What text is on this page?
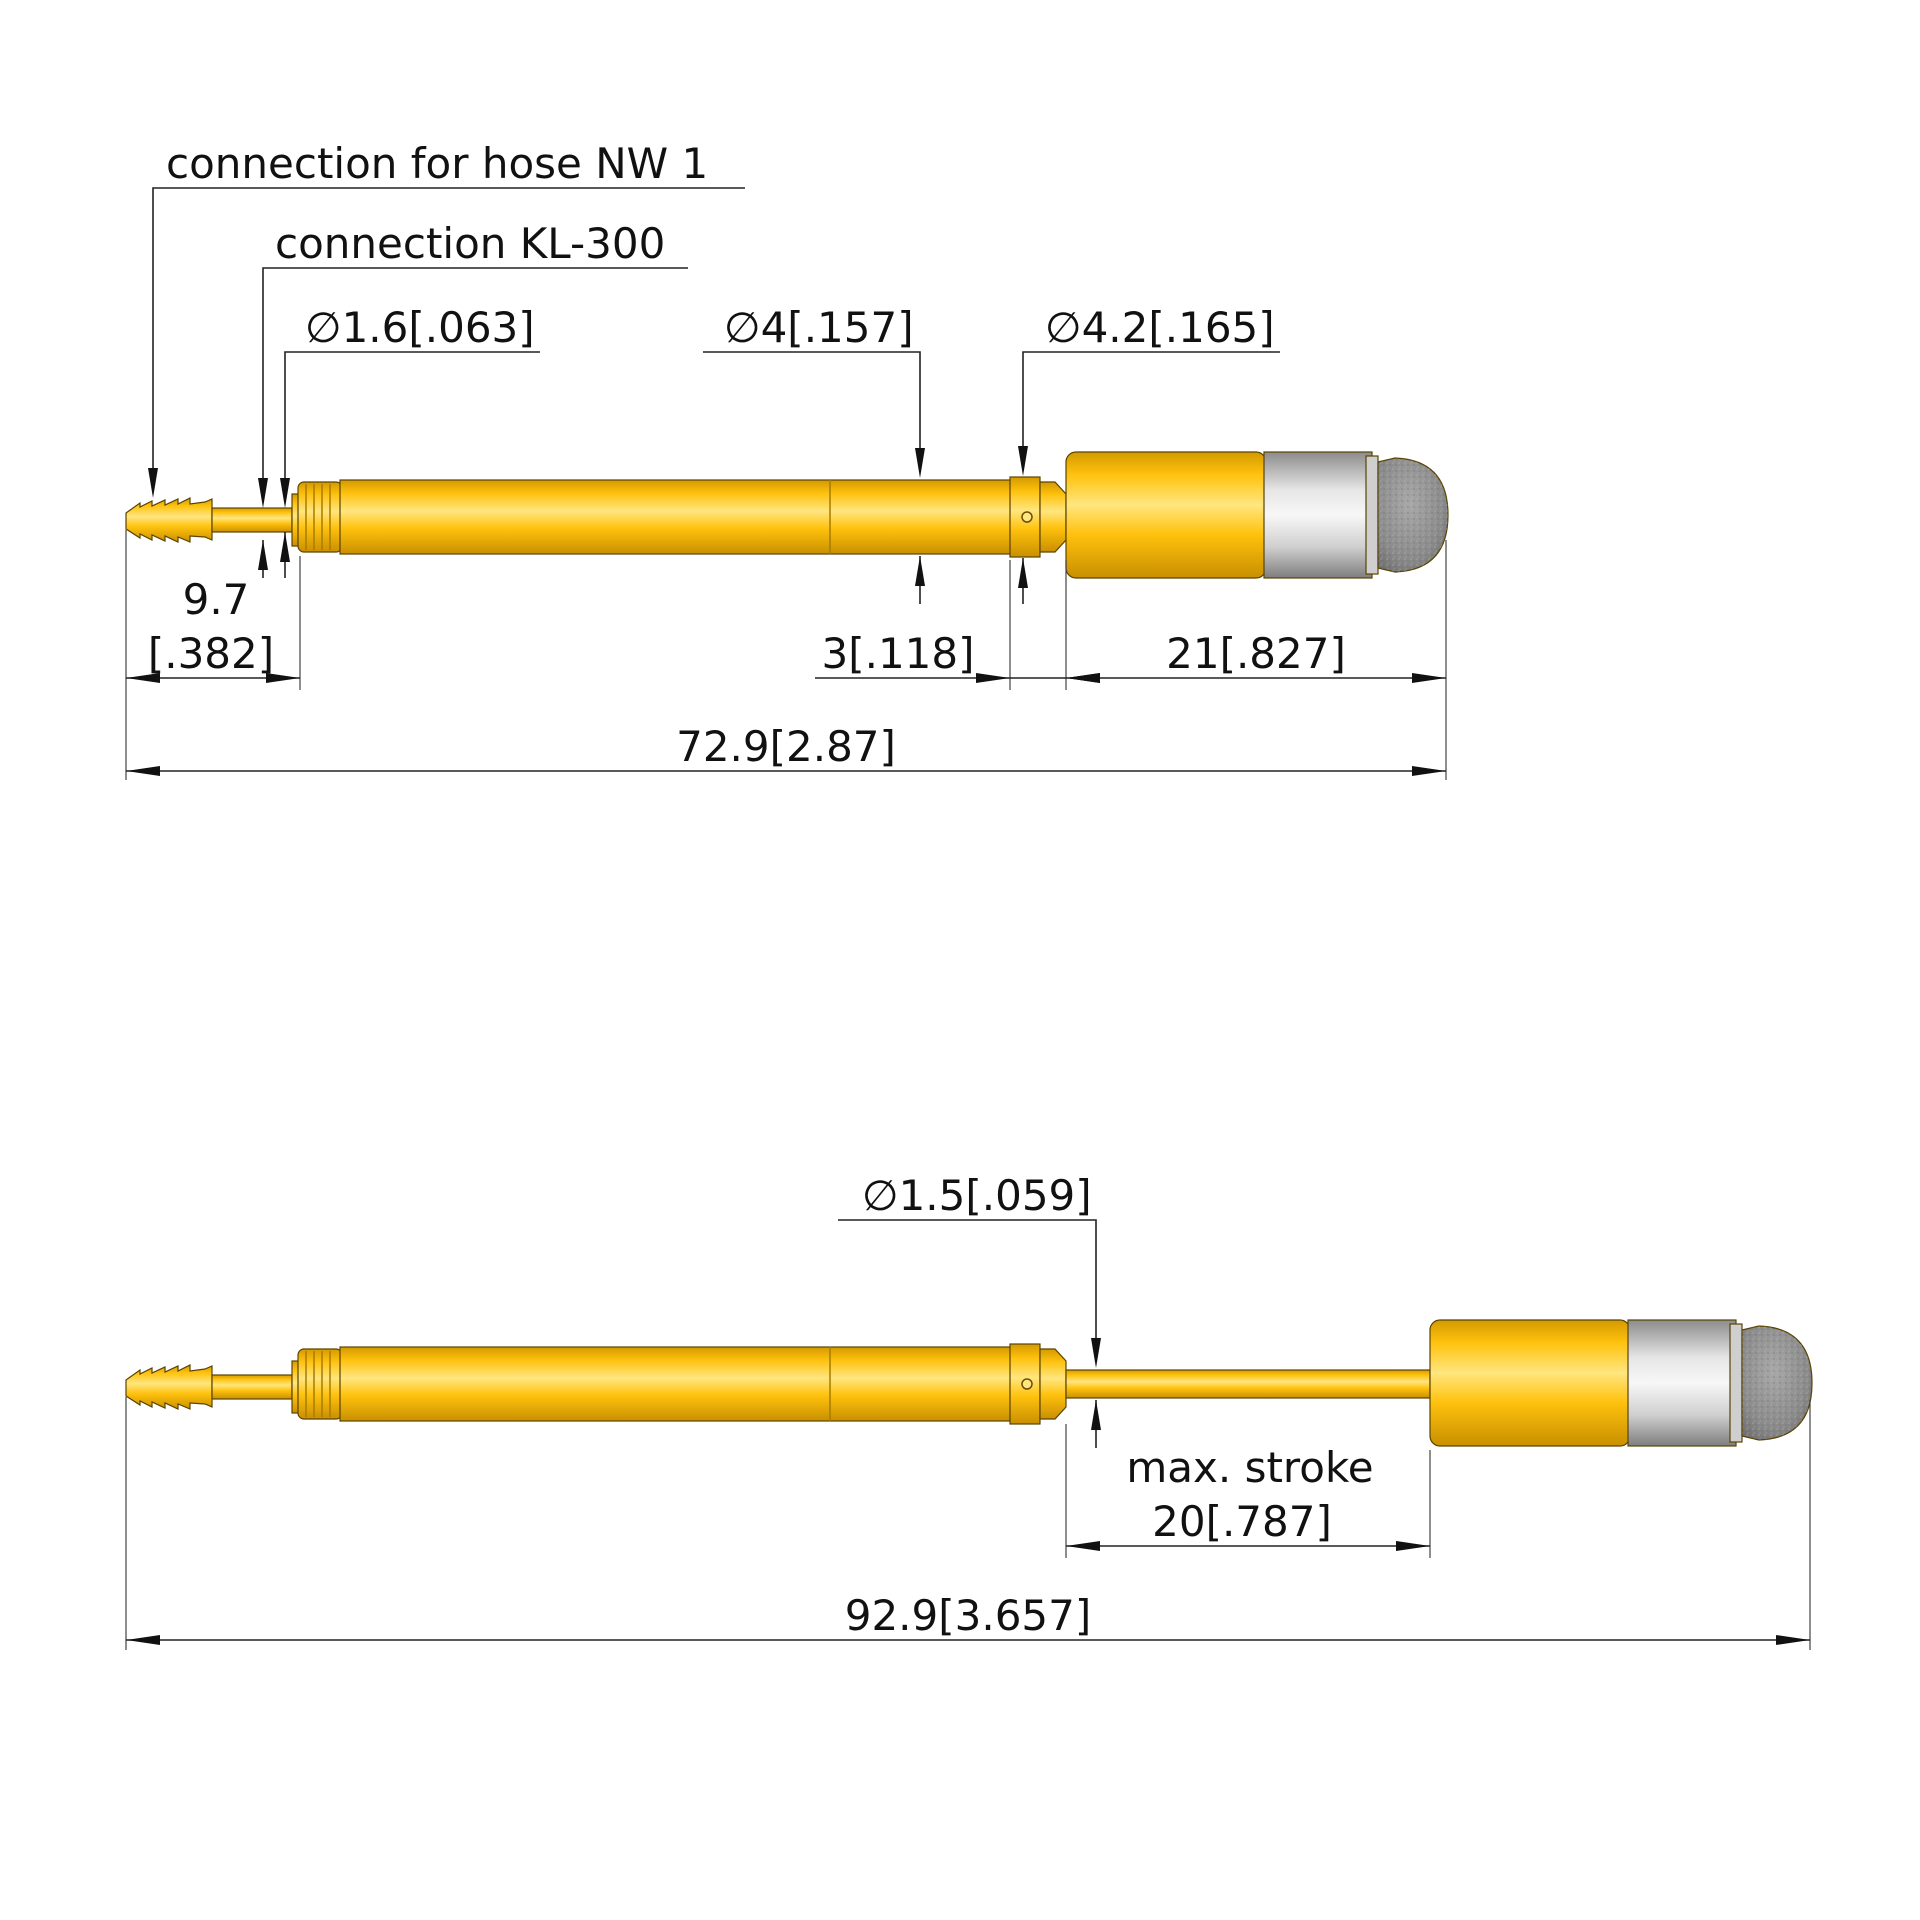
connection for hose NW 1
connection KL-300
∅1.6[.063]	∅4[.157]	∅4.2[.165]
9.7
[.382]	3[.118]	21[.827]
72.9[2.87]
∅1.5[.059]
max. stroke
20[.787]
92.9[3.657]
